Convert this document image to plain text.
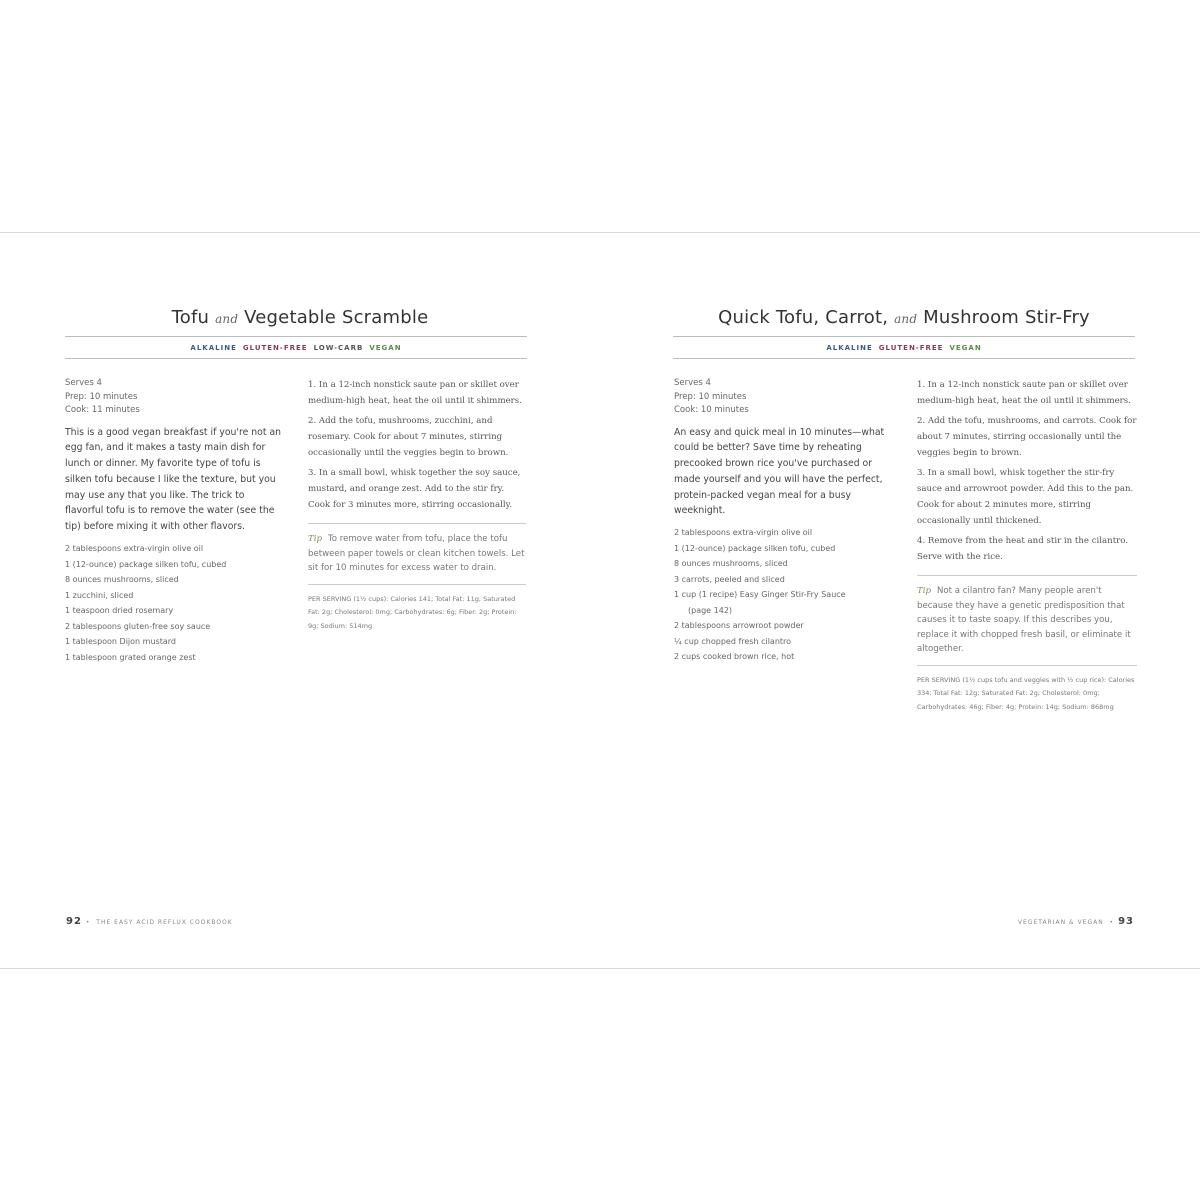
Tofu and Vegetable Scramble
ALKALINE GLUTEN-FREE LOW-CARB VEGAN
Serves 4
Prep: 10 minutes
Cook: 11 minutes
This is a good vegan breakfast if you're not an egg fan, and it makes a tasty main dish for lunch or dinner. My favorite type of tofu is silken tofu because I like the texture, but you may use any that you like. The trick to flavorful tofu is to remove the water (see the tip) before mixing it with other flavors.
2 tablespoons extra-virgin olive oil
1 (12-ounce) package silken tofu, cubed
8 ounces mushrooms, sliced
1 zucchini, sliced
1 teaspoon dried rosemary
2 tablespoons gluten-free soy sauce
1 tablespoon Dijon mustard
1 tablespoon grated orange zest
1. In a 12-inch nonstick saute pan or skillet over medium-high heat, heat the oil until it shimmers.
2. Add the tofu, mushrooms, zucchini, and rosemary. Cook for about 7 minutes, stirring occasionally until the veggies begin to brown.
3. In a small bowl, whisk together the soy sauce, mustard, and orange zest. Add to the stir fry. Cook for 3 minutes more, stirring occasionally.
Tip To remove water from tofu, place the tofu between paper towels or clean kitchen towels. Let sit for 10 minutes for excess water to drain.
PER SERVING (1½ cups): Calories 141; Total Fat: 11g; Saturated Fat: 2g; Cholesterol: 0mg; Carbohydrates: 6g; Fiber: 2g; Protein: 9g; Sodium: 514mg
92 •  THE EASY ACID REFLUX COOKBOOK
Quick Tofu, Carrot, and Mushroom Stir-Fry
ALKALINE GLUTEN-FREE VEGAN
Serves 4
Prep: 10 minutes
Cook: 10 minutes
An easy and quick meal in 10 minutes—what could be better? Save time by reheating precooked brown rice you've purchased or made yourself and you will have the perfect, protein-packed vegan meal for a busy weeknight.
2 tablespoons extra-virgin olive oil
1 (12-ounce) package silken tofu, cubed
8 ounces mushrooms, sliced
3 carrots, peeled and sliced
1 cup (1 recipe) Easy Ginger Stir-Fry Sauce
(page 142)
2 tablespoons arrowroot powder
¼ cup chopped fresh cilantro
2 cups cooked brown rice, hot
1. In a 12-inch nonstick saute pan or skillet over medium-high heat, heat the oil until it shimmers.
2. Add the tofu, mushrooms, and carrots. Cook for about 7 minutes, stirring occasionally until the veggies begin to brown.
3. In a small bowl, whisk together the stir-fry sauce and arrowroot powder. Add this to the pan. Cook for about 2 minutes more, stirring occasionally until thickened.
4. Remove from the heat and stir in the cilantro. Serve with the rice.
Tip Not a cilantro fan? Many people aren't because they have a genetic predisposition that causes it to taste soapy. If this describes you, replace it with chopped fresh basil, or eliminate it altogether.
PER SERVING (1½ cups tofu and veggies with ½ cup rice): Calories 334; Total Fat: 12g; Saturated Fat: 2g; Cholesterol: 0mg; Carbohydrates: 46g; Fiber: 4g; Protein: 14g; Sodium: 868mg
VEGETARIAN & VEGAN  • 93
